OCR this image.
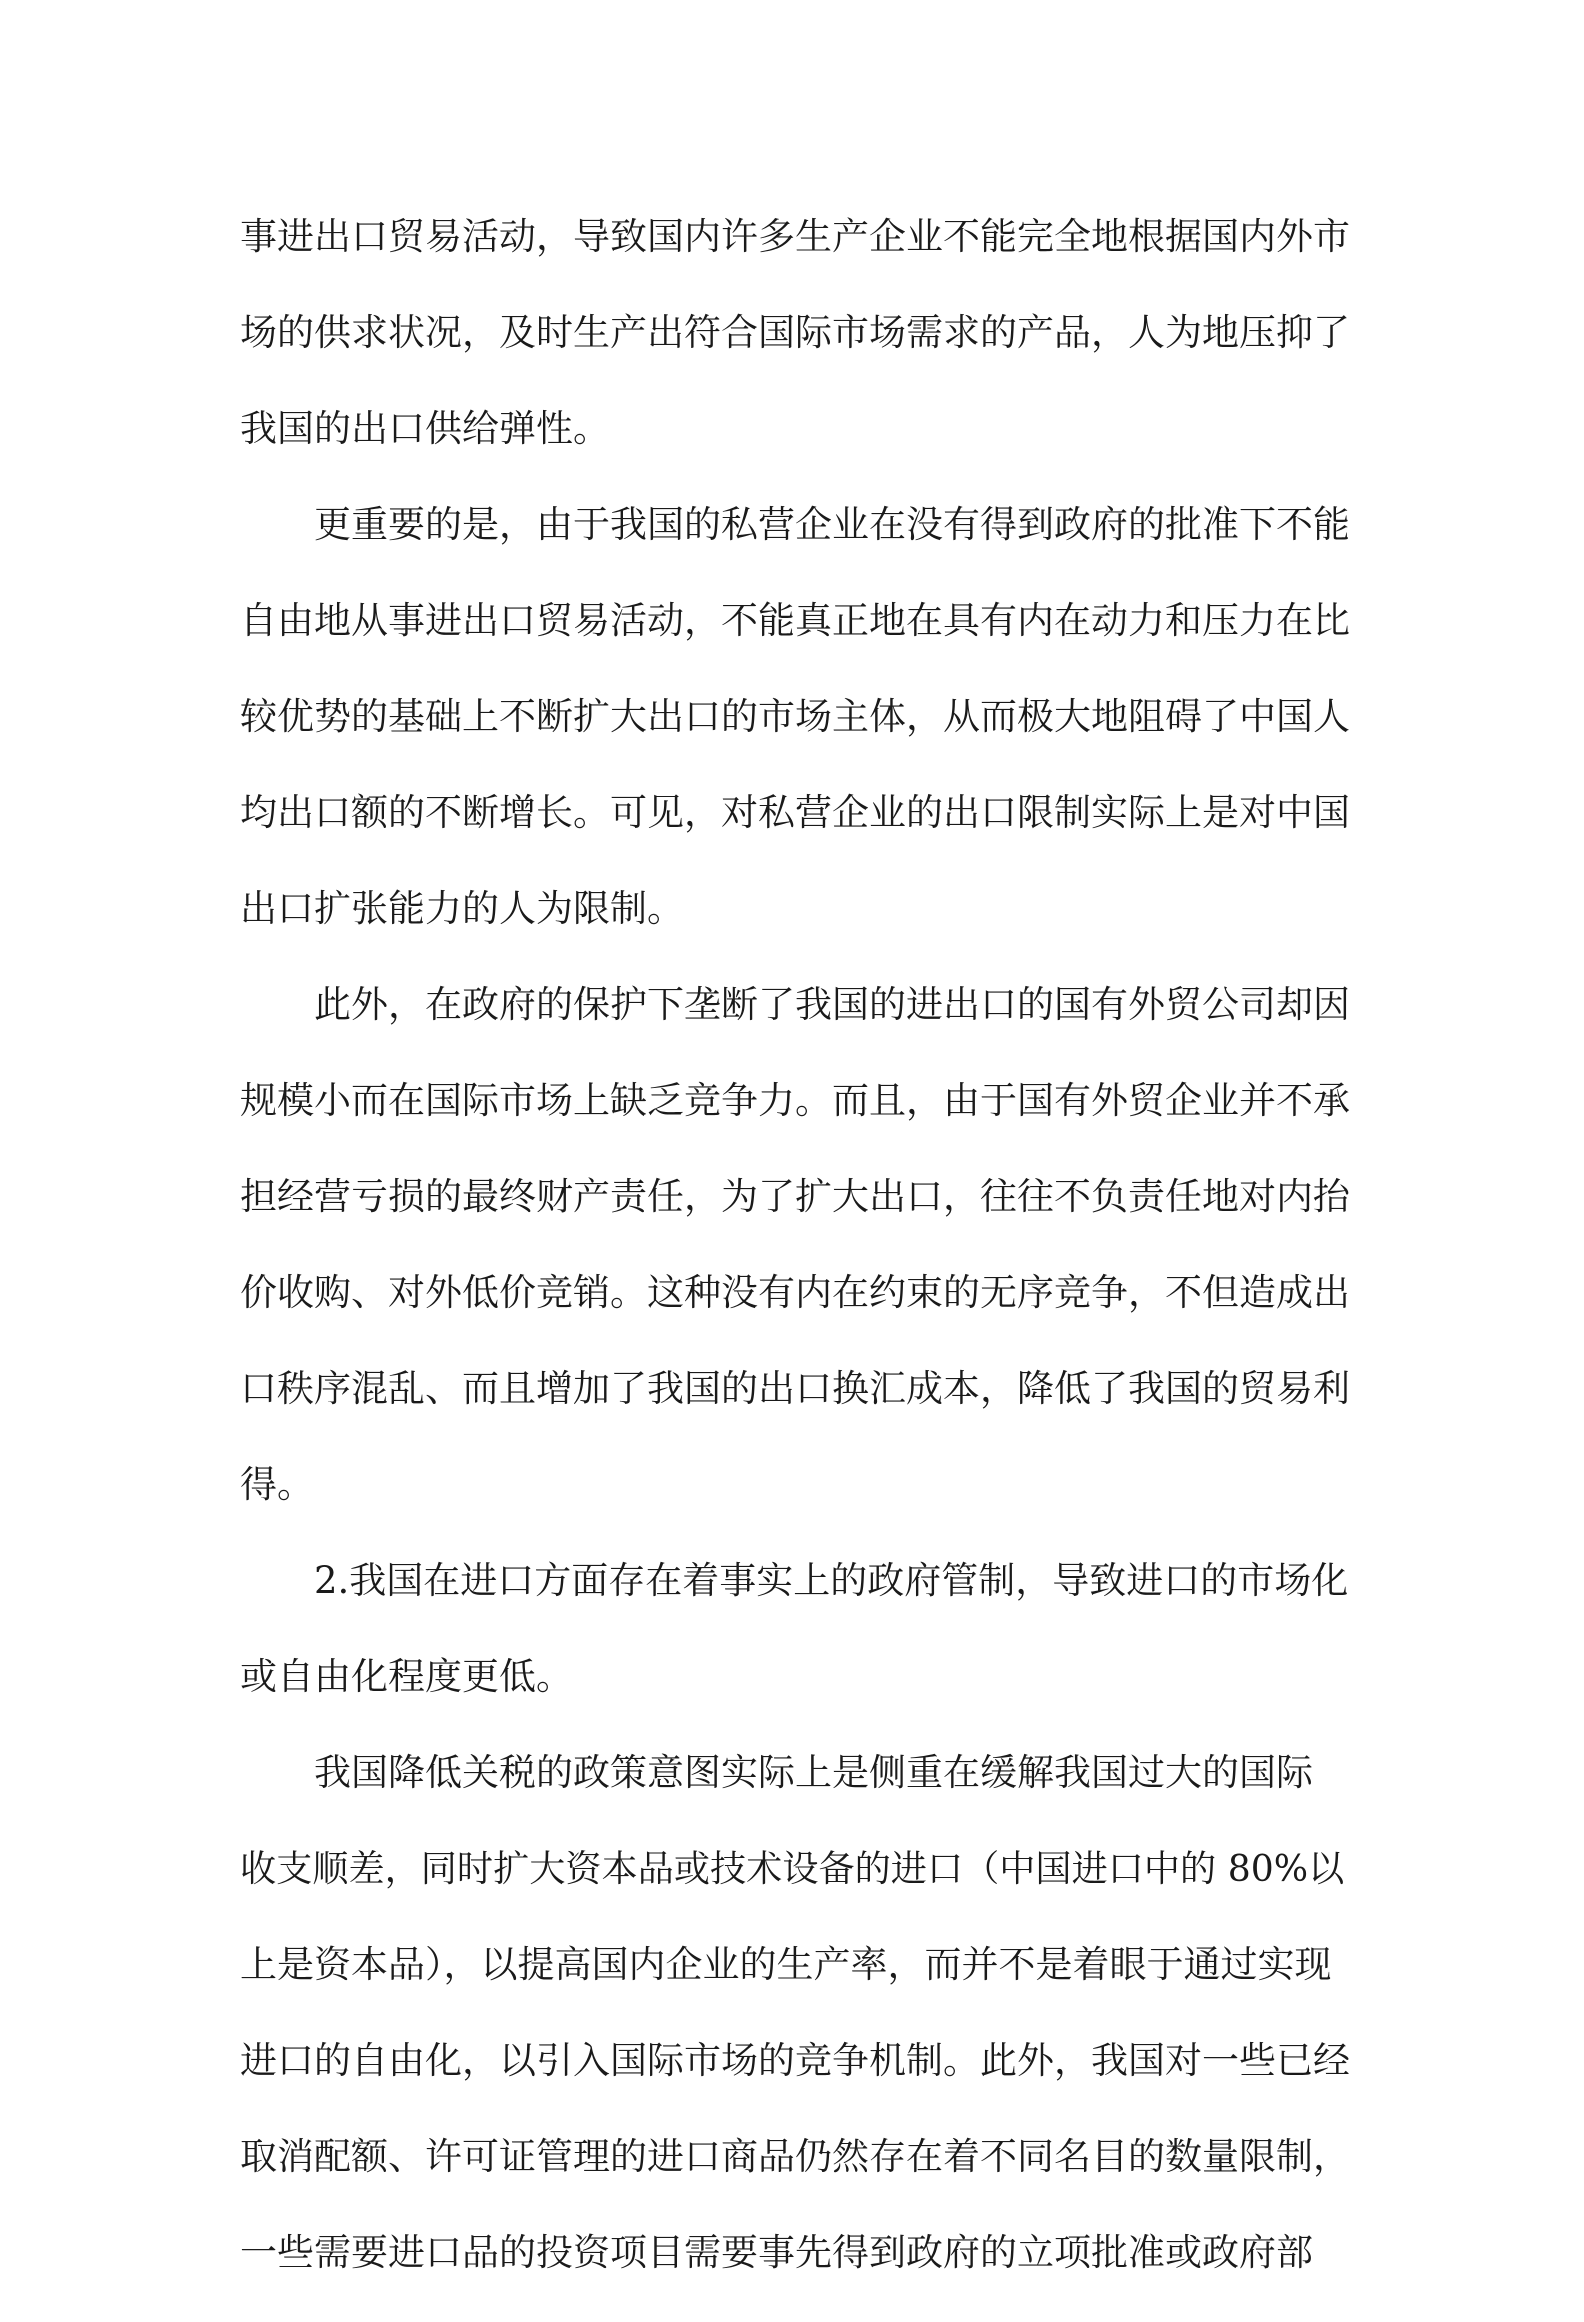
事进出口贸易活动，导致国内许多生产企业不能完全地根据国内外市
场的供求状况，及时生产出符合国际市场需求的产品，人为地压抑了
我国的出口供给弹性。
更重要的是，由于我国的私营企业在没有得到政府的批准下不能
自由地从事进出口贸易活动，不能真正地在具有内在动力和压力在比
较优势的基础上不断扩大出口的市场主体，从而极大地阻碍了中国人
均出口额的不断增长。可见，对私营企业的出口限制实际上是对中国
出口扩张能力的人为限制。
此外，在政府的保护下垄断了我国的进出口的国有外贸公司却因
规模小而在国际市场上缺乏竞争力。而且，由于国有外贸企业并不承
担经营亏损的最终财产责任，为了扩大出口，往往不负责任地对内抬
价收购、对外低价竞销。这种没有内在约束的无序竞争，不但造成出
口秩序混乱、而且增加了我国的出口换汇成本，降低了我国的贸易利
得。
2.我国在进口方面存在着事实上的政府管制，导致进口的市场化
或自由化程度更低。
我国降低关税的政策意图实际上是侧重在缓解我国过大的国际
收支顺差，同时扩大资本品或技术设备的进口（中国进口中的 80%以
上是资本品），以提高国内企业的生产率，而并不是着眼于通过实现
进口的自由化，以引入国际市场的竞争机制。此外，我国对一些已经
取消配额、许可证管理的进口商品仍然存在着不同名目的数量限制，
一些需要进口品的投资项目需要事先得到政府的立项批准或政府部
